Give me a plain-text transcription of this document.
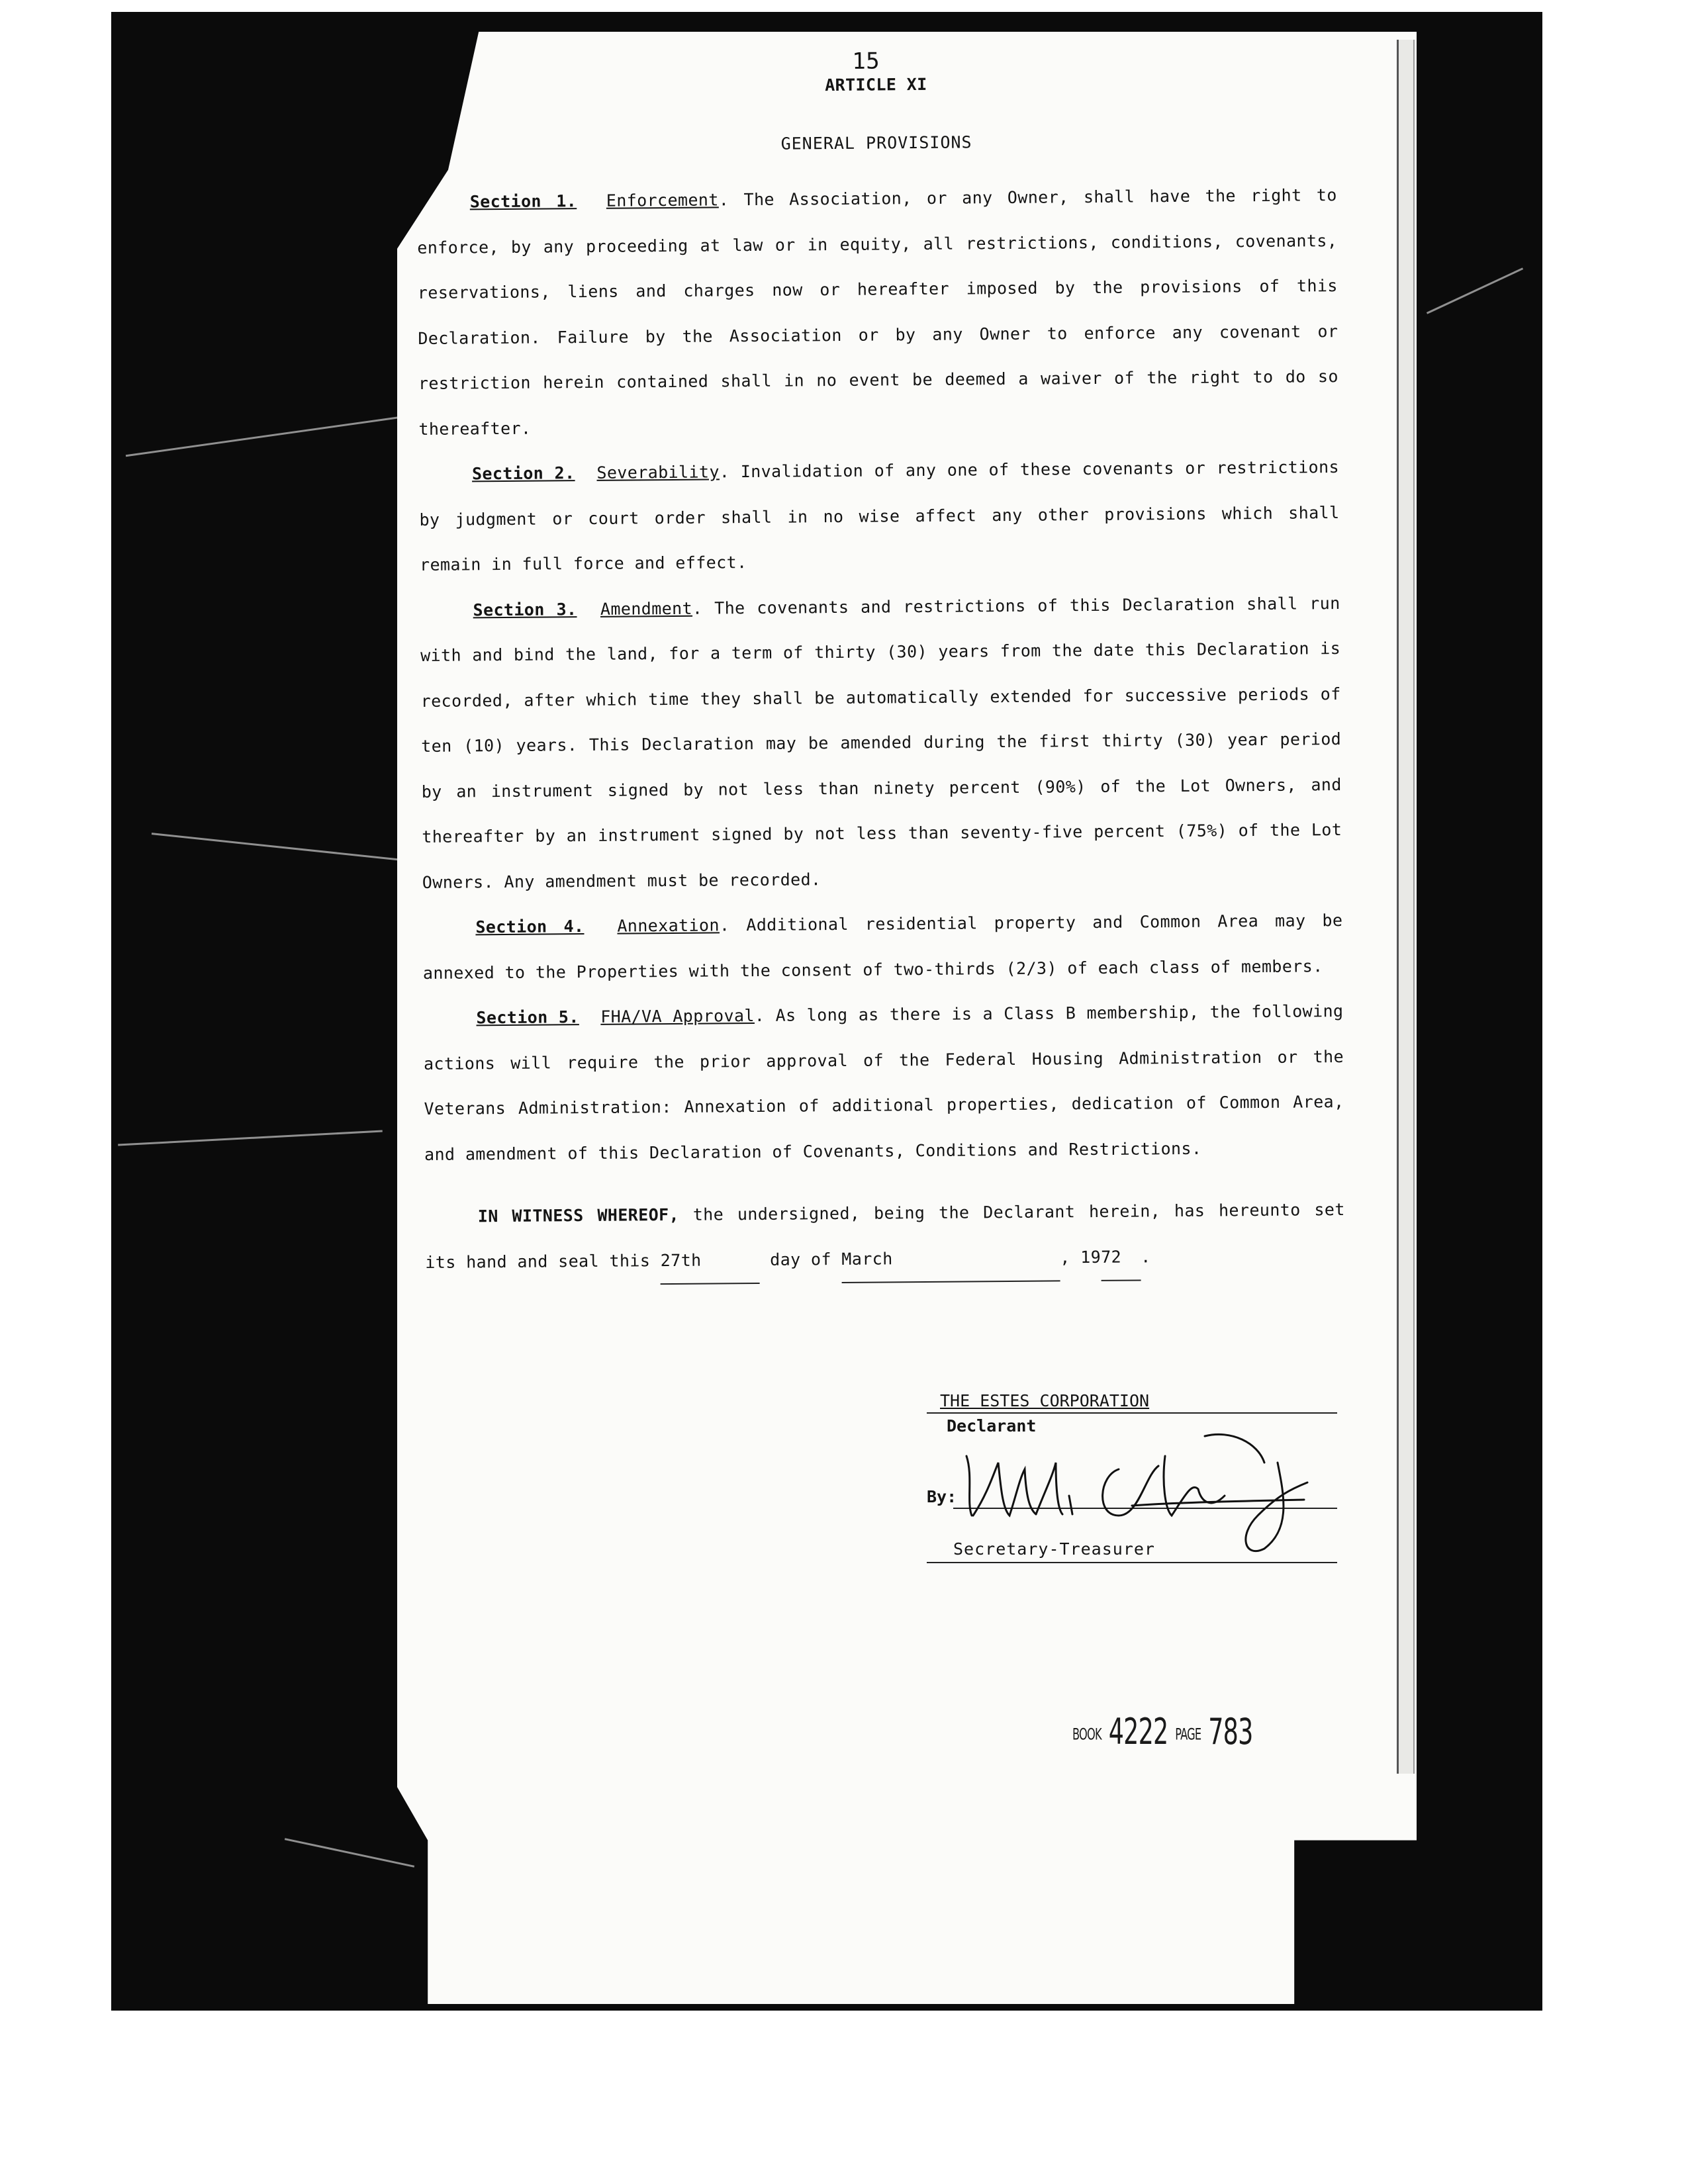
15
ARTICLE XI
GENERAL PROVISIONS

Section 1. Enforcement. The Association, or any Owner, shall have the right to enforce, by any proceeding at law or in equity, all restrictions, conditions, covenants, reservations, liens and charges now or hereafter imposed by the provisions of this Declaration. Failure by the Association or by any Owner to enforce any covenant or restriction herein contained shall in no event be deemed a waiver of the right to do so thereafter.

Section 2. Severability. Invalidation of any one of these covenants or restrictions by judgment or court order shall in no wise affect any other provisions which shall remain in full force and effect.

Section 3. Amendment. The covenants and restrictions of this Declaration shall run with and bind the land, for a term of thirty (30) years from the date this Declaration is recorded, after which time they shall be automatically extended for successive periods of ten (10) years. This Declaration may be amended during the first thirty (30) year period by an instrument signed by not less than ninety percent (90%) of the Lot Owners, and thereafter by an instrument signed by not less than seventy-five percent (75%) of the Lot Owners. Any amendment must be recorded.

Section 4. Annexation. Additional residential property and Common Area may be annexed to the Properties with the consent of two-thirds (2/3) of each class of members.

Section 5. FHA/VA Approval. As long as there is a Class B membership, the following actions will require the prior approval of the Federal Housing Administration or the Veterans Administration: Annexation of additional properties, dedication of Common Area, and amendment of this Declaration of Covenants, Conditions and Restrictions.

IN WITNESS WHEREOF, the undersigned, being the Declarant herein, has hereunto set its hand and seal this 27th	day of March	, 1972 .

THE ESTES CORPORATION
Declarant
By:
Secretary-Treasurer
BOOK 4222 PAGE 783
